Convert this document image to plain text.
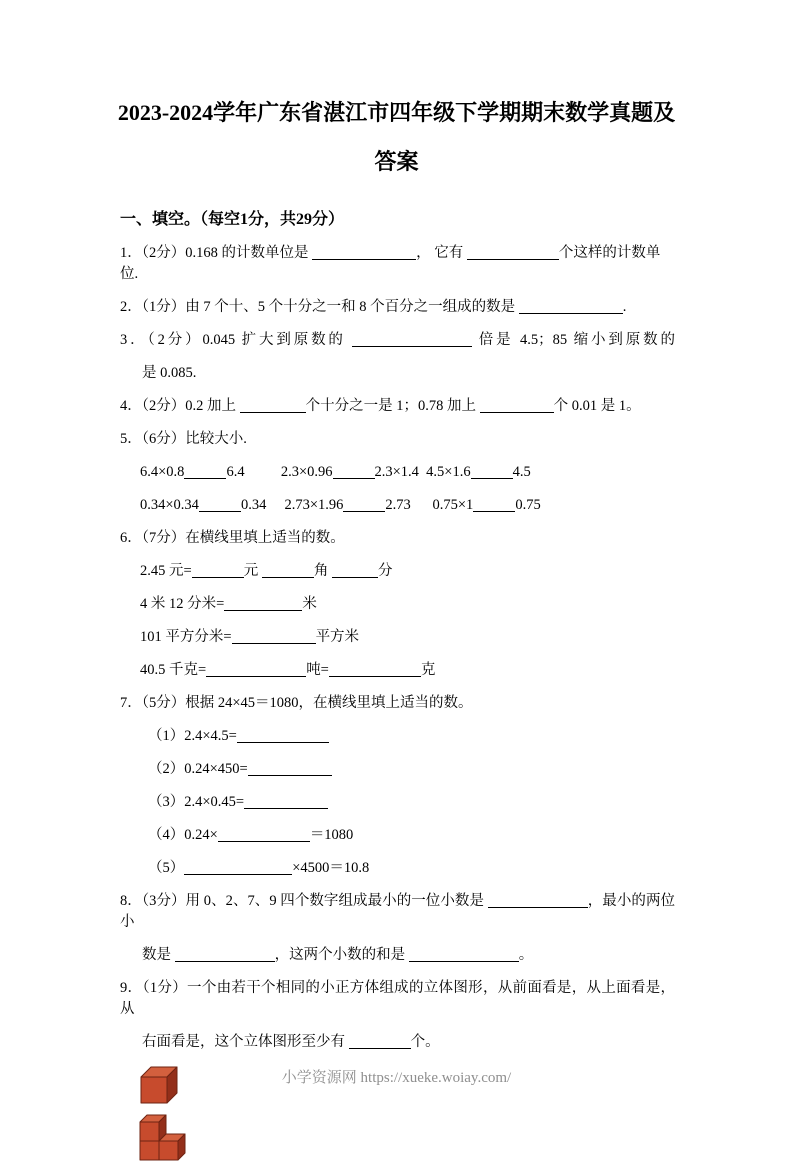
2023-2024学年广东省湛江市四年级下学期期末数学真题及
答案
一、填空。（每空1分，共29分）
1．（2分）0.168 的计数单位是	， 它有	个这样的计数单位.
2．（1分）由 7 个十、5 个十分之一和 8 个百分之一组成的数是	.
3．（2分）0.045 扩大到原数的	倍是 4.5；85 缩小到原数的
是 0.085.
4．（2分）0.2 加上	个十分之一是 1；0.78 加上	个 0.01 是 1。
5．（6分）比较大小.
6.4×0.8	6.4          2.3×0.96	2.3×1.4  4.5×1.6	4.5
0.34×0.34	0.34     2.73×1.96	2.73      0.75×1	0.75
6．（7分）在横线里填上适当的数。
2.45 元=	元	角	分
4 米 12 分米=	米
101 平方分米=	平方米
40.5 千克=	吨=	克
7．（5分）根据 24×45＝1080，在横线里填上适当的数。
（1）2.4×4.5=
（2）0.24×450=
（3）2.4×0.45=
（4）0.24×	＝1080
（5）	×4500＝10.8
8．（3分）用 0、2、7、9 四个数字组成最小的一位小数是	，最小的两位小
数是	，这两个小数的和是	。
9．（1分）一个由若干个相同的小正方体组成的立体图形，从前面看是，从上面看是，从
右面看是，这个立体图形至少有	个。
小学资源网 https://xueke.woiay.com/
